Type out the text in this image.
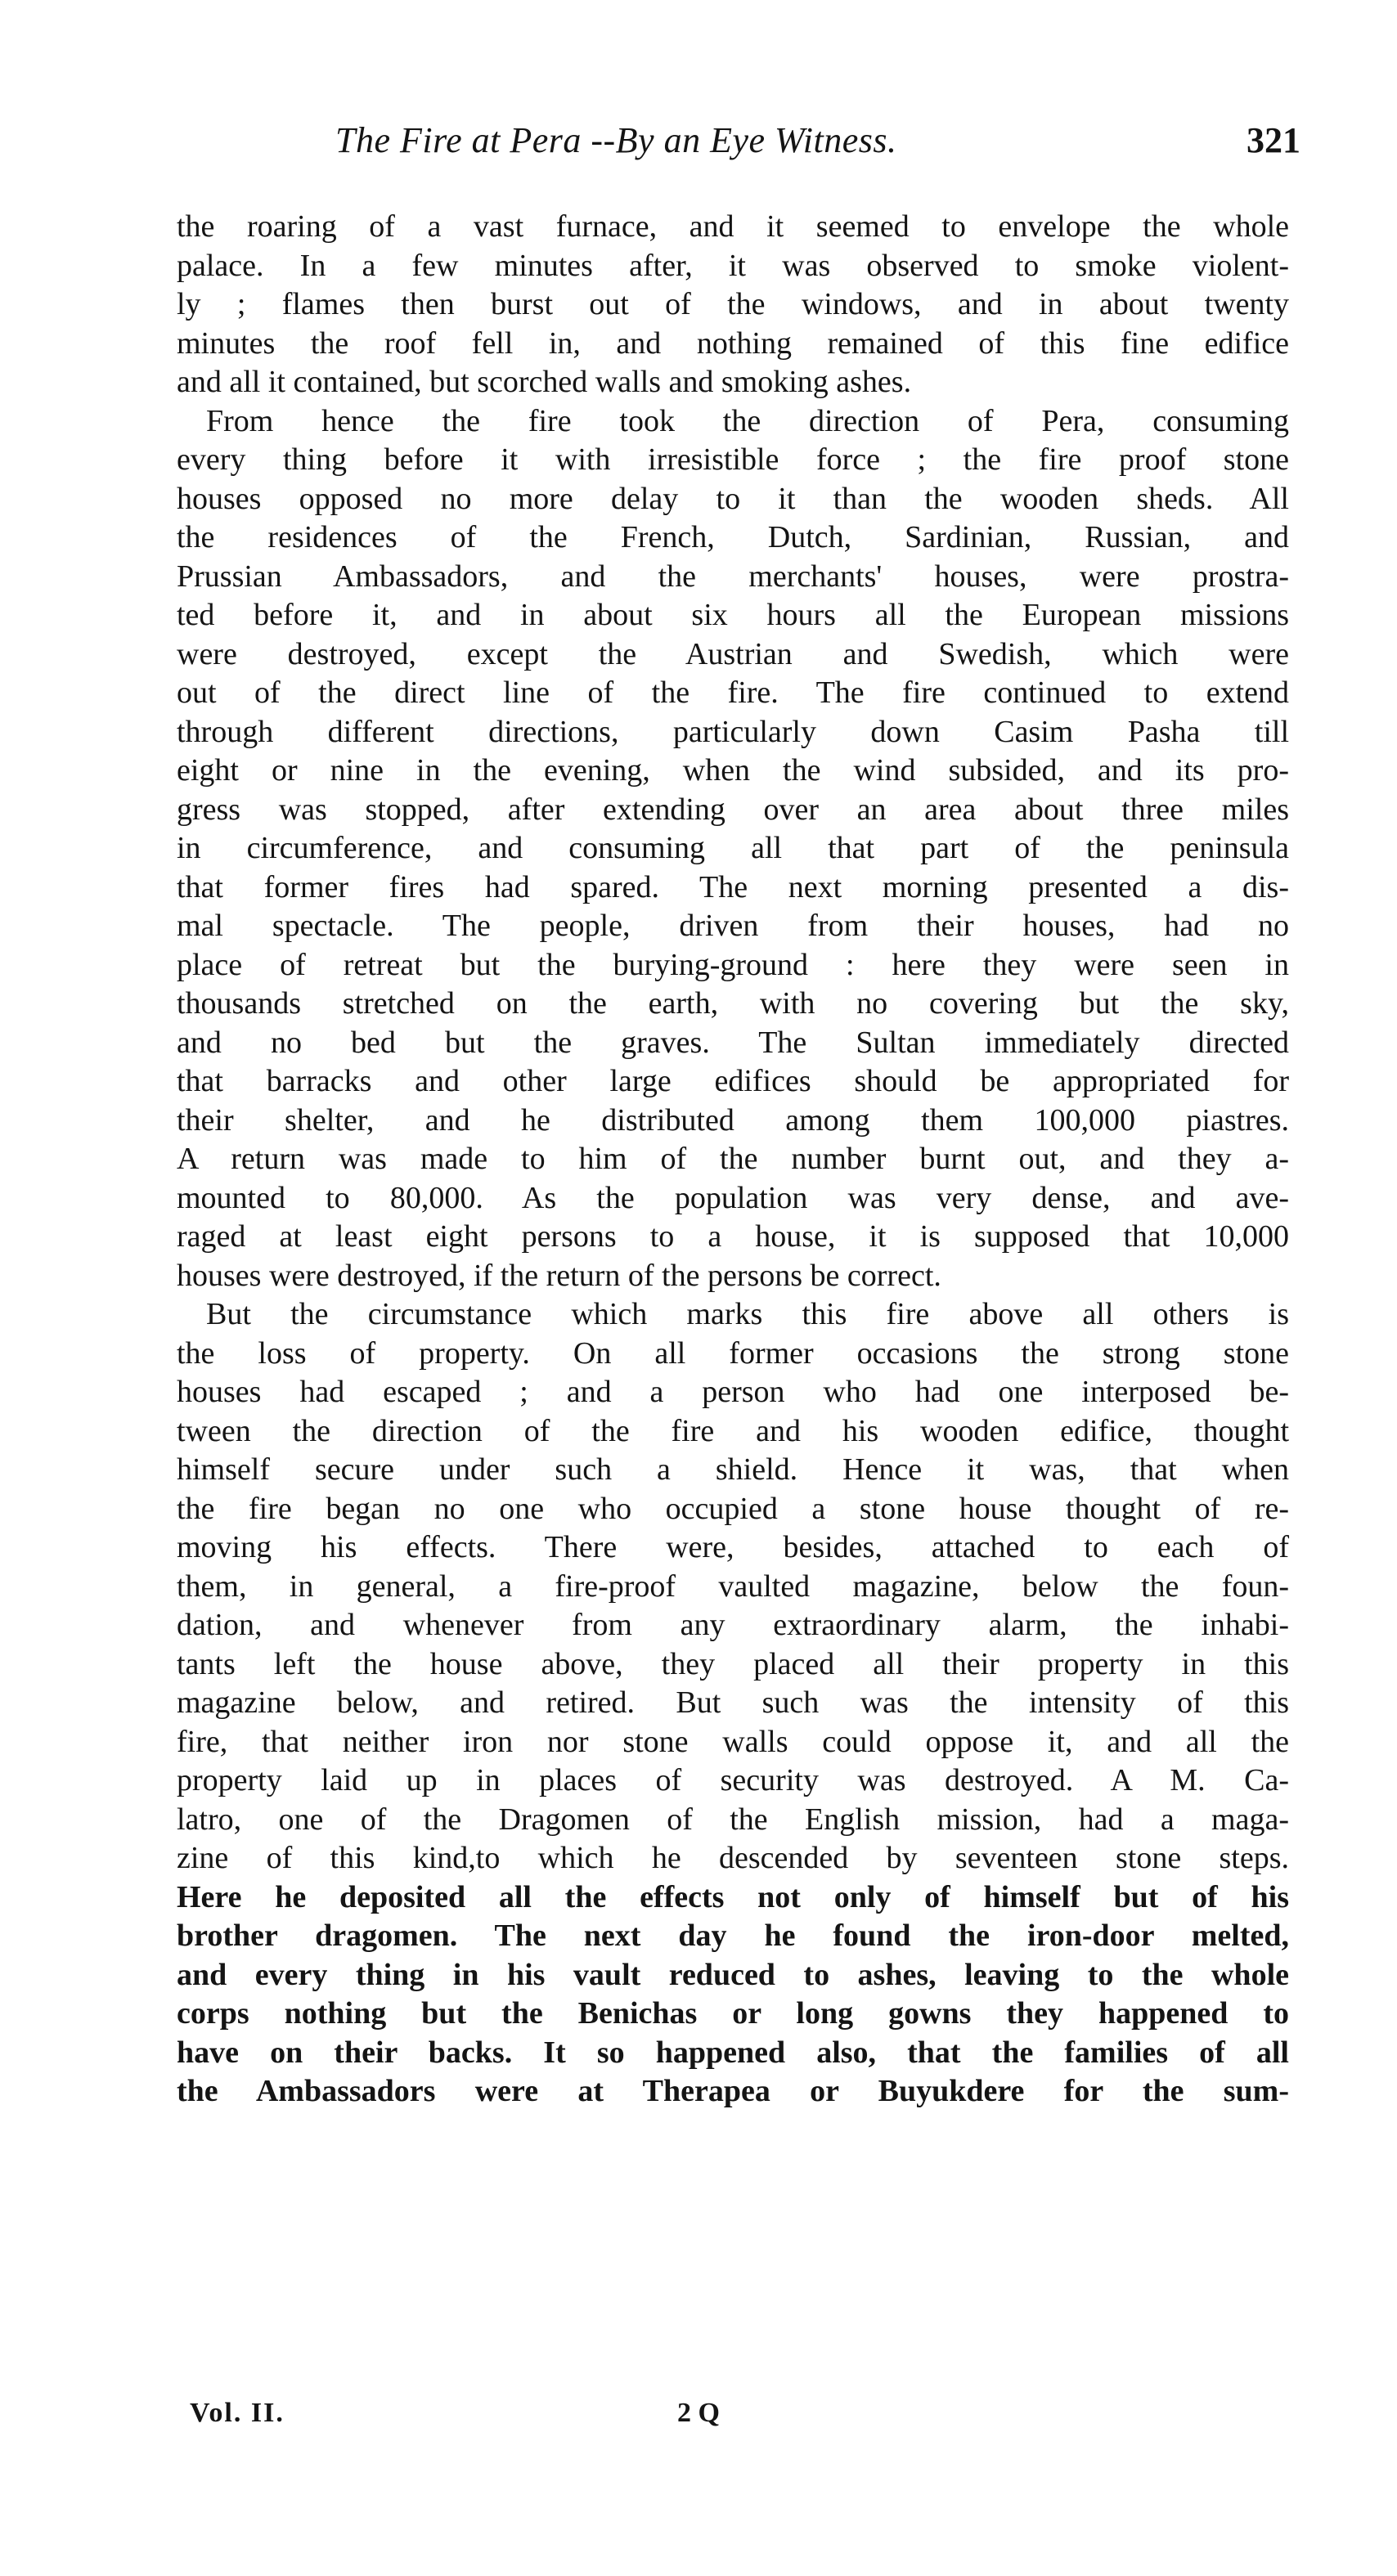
The Fire at Pera --By an Eye Witness.	321
the roaring of a vast furnace, and it seemed to envelope the whole
palace. In a few minutes after, it was observed to smoke violent-
ly ; flames then burst out of the windows, and in about twenty
minutes the roof fell in, and nothing remained of this fine edifice
and all it contained, but scorched walls and smoking ashes.
From hence the fire took the direction of Pera, consuming
every thing before it with irresistible force ; the fire proof stone
houses opposed no more delay to it than the wooden sheds. All
the residences of the French, Dutch, Sardinian, Russian, and
Prussian Ambassadors, and the merchants' houses, were prostra-
ted before it, and in about six hours all the European missions
were destroyed, except the Austrian and Swedish, which were
out of the direct line of the fire. The fire continued to extend
through different directions, particularly down Casim Pasha till
eight or nine in the evening, when the wind subsided, and its pro-
gress was stopped, after extending over an area about three miles
in circumference, and consuming all that part of the peninsula
that former fires had spared. The next morning presented a dis-
mal spectacle. The people, driven from their houses, had no
place of retreat but the burying-ground : here they were seen in
thousands stretched on the earth, with no covering but the sky,
and no bed but the graves. The Sultan immediately directed
that barracks and other large edifices should be appropriated for
their shelter, and he distributed among them 100,000 piastres.
A return was made to him of the number burnt out, and they a-
mounted to 80,000. As the population was very dense, and ave-
raged at least eight persons to a house, it is supposed that 10,000
houses were destroyed, if the return of the persons be correct.
But the circumstance which marks this fire above all others is
the loss of property. On all former occasions the strong stone
houses had escaped ; and a person who had one interposed be-
tween the direction of the fire and his wooden edifice, thought
himself secure under such a shield. Hence it was, that when
the fire began no one who occupied a stone house thought of re-
moving his effects. There were, besides, attached to each of
them, in general, a fire-proof vaulted magazine, below the foun-
dation, and whenever from any extraordinary alarm, the inhabi-
tants left the house above, they placed all their property in this
magazine below, and retired. But such was the intensity of this
fire, that neither iron nor stone walls could oppose it, and all the
property laid up in places of security was destroyed. A M. Ca-
latro, one of the Dragomen of the English mission, had a maga-
zine of this kind,to which he descended by seventeen stone steps.
Here he deposited all the effects not only of himself but of his
brother dragomen. The next day he found the iron-door melted,
and every thing in his vault reduced to ashes, leaving to the whole
corps nothing but the Benichas or long gowns they happened to
have on their backs. It so happened also, that the families of all
the Ambassadors were at Therapea or Buyukdere for the sum-
Vol. II.	2 Q
